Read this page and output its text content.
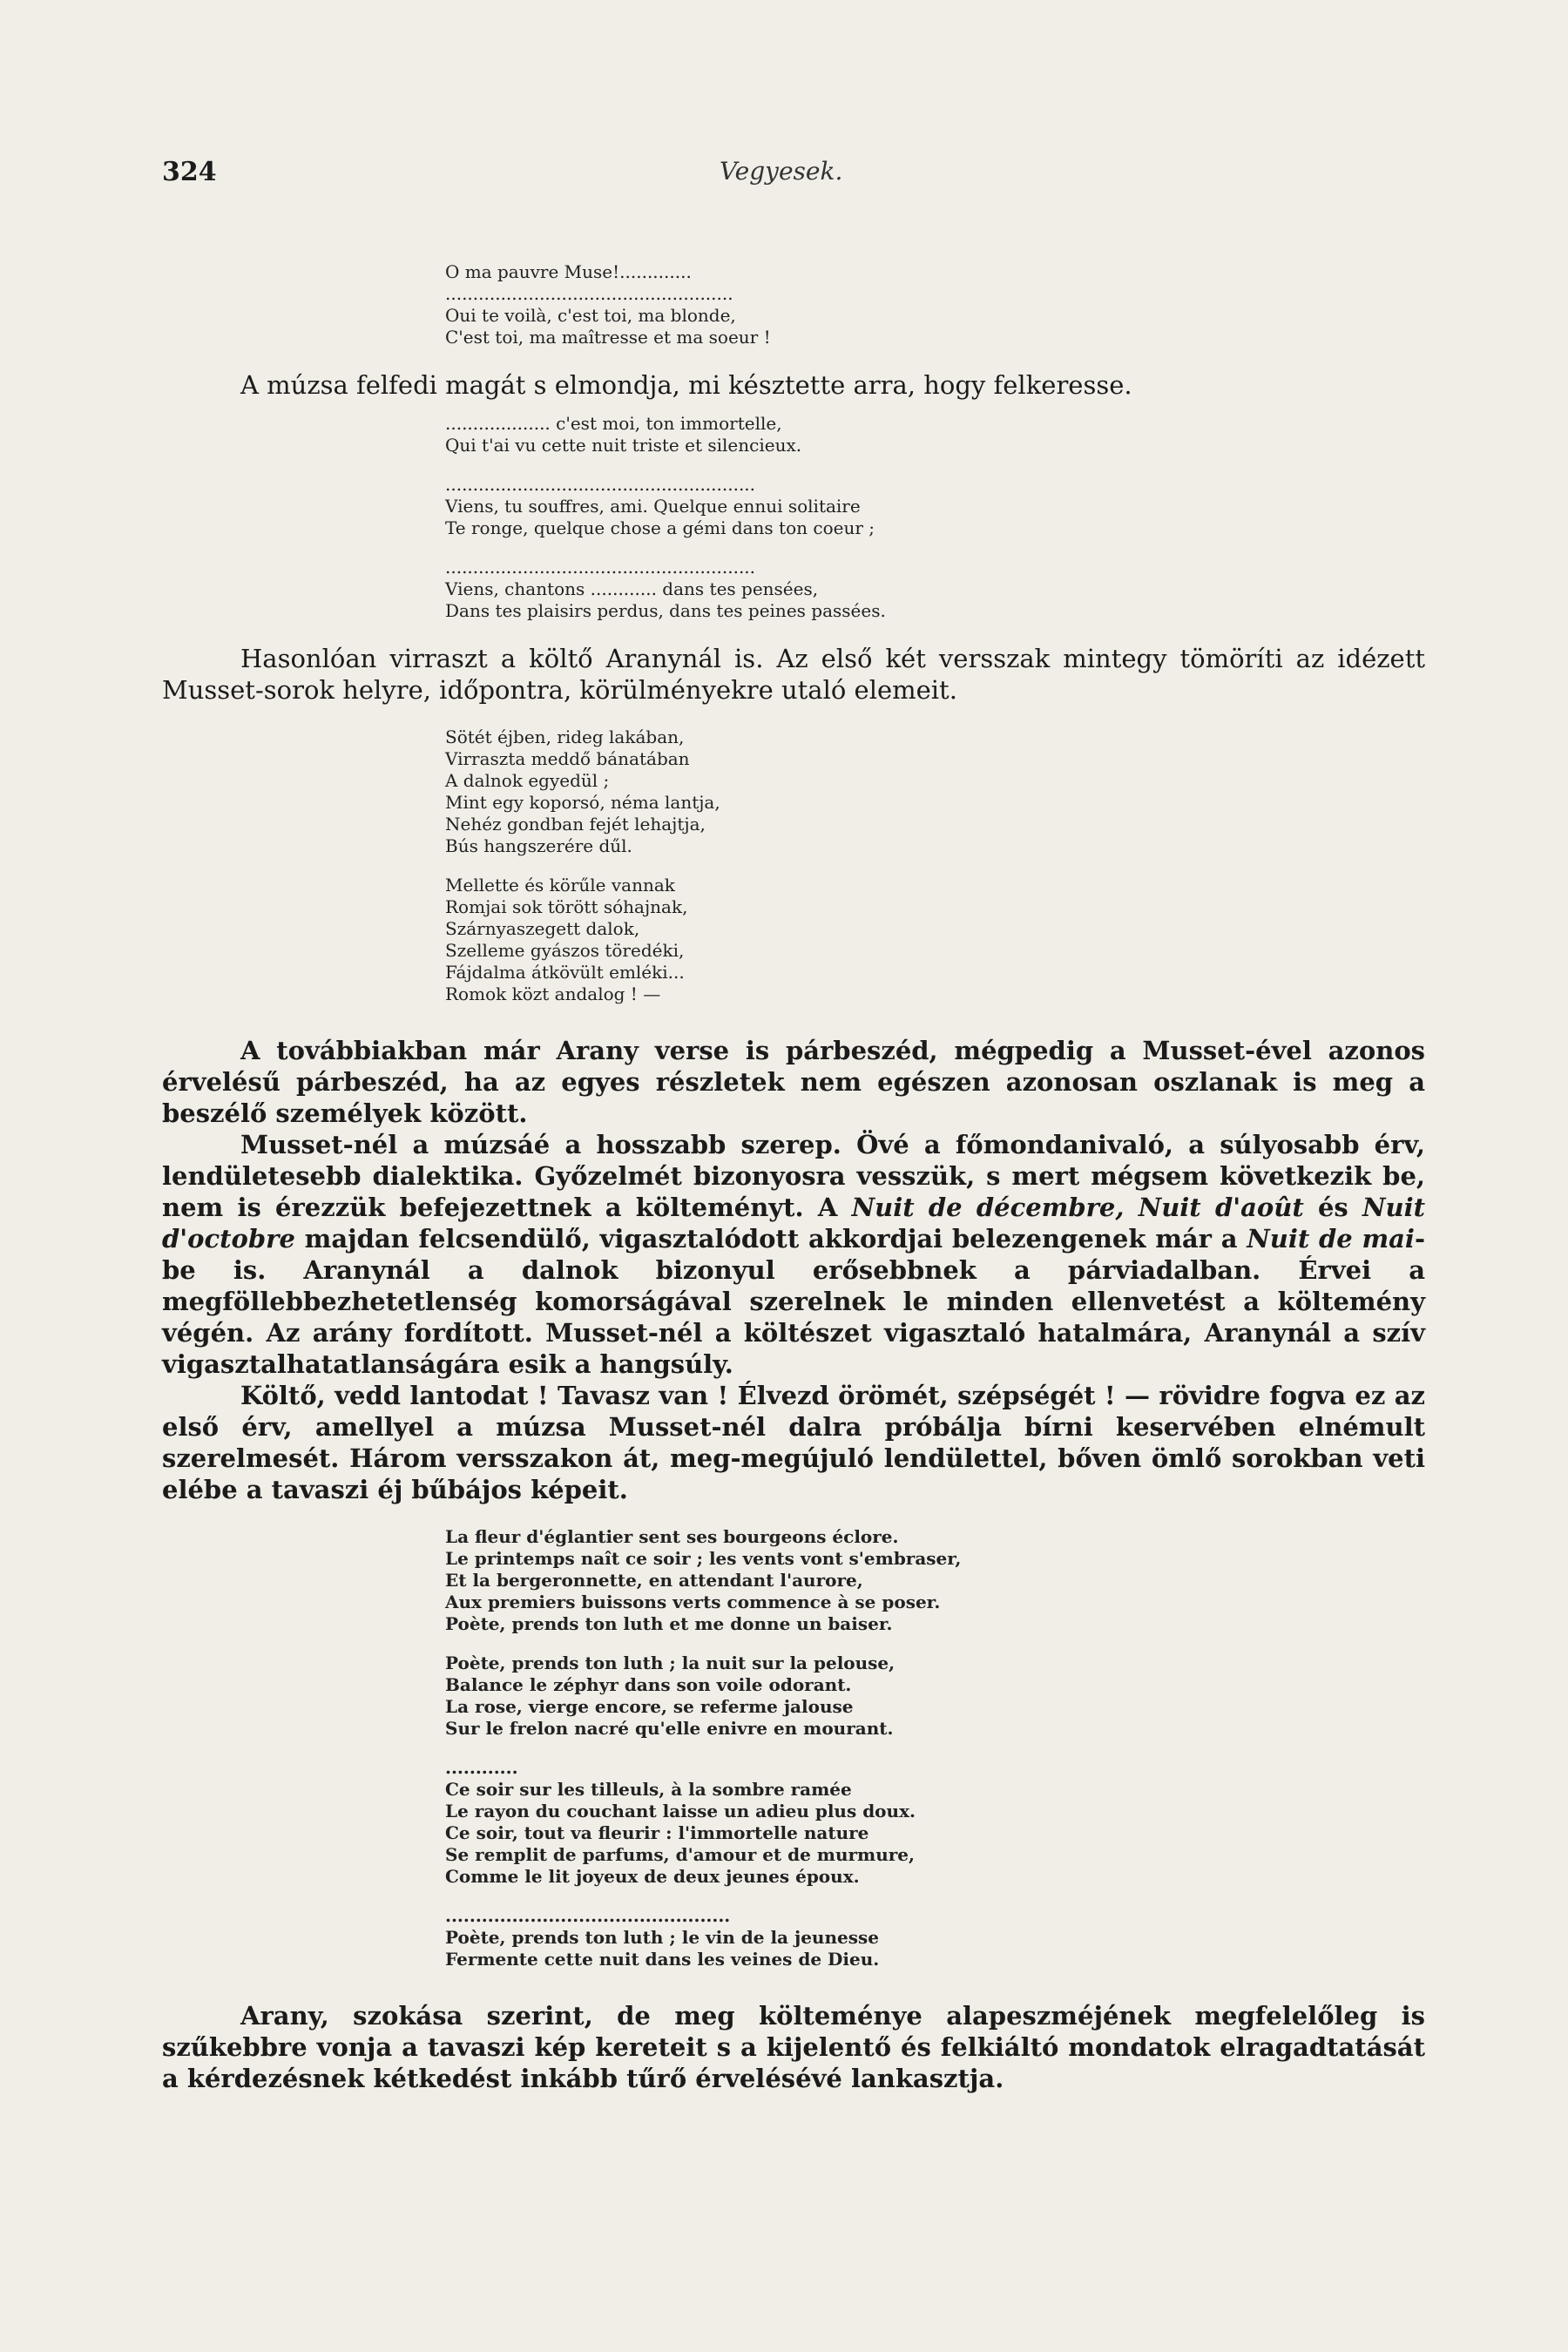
324	Vegyesek.
O ma pauvre Muse!.............
....................................................
Oui te voilà, c'est toi, ma blonde,
C'est toi, ma maîtresse et ma soeur !

A múzsa felfedi magát s elmondja, mi késztette arra, hogy felkeresse.

................... c'est moi, ton immortelle,
Qui t'ai vu cette nuit triste et silencieux.
........................................................
Viens, tu souffres, ami. Quelque ennui solitaire
Te ronge, quelque chose a gémi dans ton coeur ;
........................................................
Viens, chantons ............ dans tes pensées,
Dans tes plaisirs perdus, dans tes peines passées.

Hasonlóan virraszt a költő Aranynál is. Az első két versszak mintegy tömöríti az idézett Musset-sorok helyre, időpontra, körülményekre utaló elemeit.

Sötét éjben, rideg lakában,
Virraszta meddő bánatában
A dalnok egyedül ;
Mint egy koporsó, néma lantja,
Nehéz gondban fejét lehajtja,
Bús hangszerére dűl.
Mellette és körűle vannak
Romjai sok törött sóhajnak,
Szárnyaszegett dalok,
Szelleme gyászos töredéki,
Fájdalma átkövült emléki...
Romok közt andalog ! —

A továbbiakban már Arany verse is párbeszéd, mégpedig a Musset-ével azonos érvelésű párbeszéd, ha az egyes részletek nem egészen azonosan oszlanak is meg a beszélő személyek között.

Musset-nél a múzsáé a hosszabb szerep. Övé a főmondanivaló, a súlyosabb érv, lendületesebb dialektika. Győzelmét bizonyosra vesszük, s mert mégsem következik be, nem is érezzük befejezettnek a költeményt. A Nuit de décembre, Nuit d'août és Nuit d'octobre majdan felcsendülő, vigasztalódott akkordjai belezengenek már a Nuit de mai-be is. Aranynál a dalnok bizonyul erősebbnek a párviadalban. Érvei a megföllebbezhetetlenség komorságával szerelnek le minden ellenvetést a költemény végén. Az arány fordított. Musset-nél a költészet vigasztaló hatalmára, Aranynál a szív vigasztalhatatlanságára esik a hangsúly.

Költő, vedd lantodat ! Tavasz van ! Élvezd örömét, szépségét ! — rövidre fogva ez az első érv, amellyel a múzsa Musset-nél dalra próbálja bírni keservében elnémult szerelmesét. Három versszakon át, meg-megújuló lendülettel, bőven ömlő sorokban veti elébe a tavaszi éj bűbájos képeit.

La fleur d'églantier sent ses bourgeons éclore.
Le printemps naît ce soir ; les vents vont s'embraser,
Et la bergeronnette, en attendant l'aurore,
Aux premiers buissons verts commence à se poser.
Poète, prends ton luth et me donne un baiser.
Poète, prends ton luth ; la nuit sur la pelouse,
Balance le zéphyr dans son voile odorant.
La rose, vierge encore, se referme jalouse
Sur le frelon nacré qu'elle enivre en mourant.
............
Ce soir sur les tilleuls, à la sombre ramée
Le rayon du couchant laisse un adieu plus doux.
Ce soir, tout va fleurir : l'immortelle nature
Se remplit de parfums, d'amour et de murmure,
Comme le lit joyeux de deux jeunes époux.
...............................................
Poète, prends ton luth ; le vin de la jeunesse
Fermente cette nuit dans les veines de Dieu.

Arany, szokása szerint, de meg költeménye alapeszméjének megfelelőleg is szűkebbre vonja a tavaszi kép kereteit s a kijelentő és felkiáltó mondatok elragadtatását a kérdezésnek kétkedést inkább tűrő érvelésévé lankasztja.
